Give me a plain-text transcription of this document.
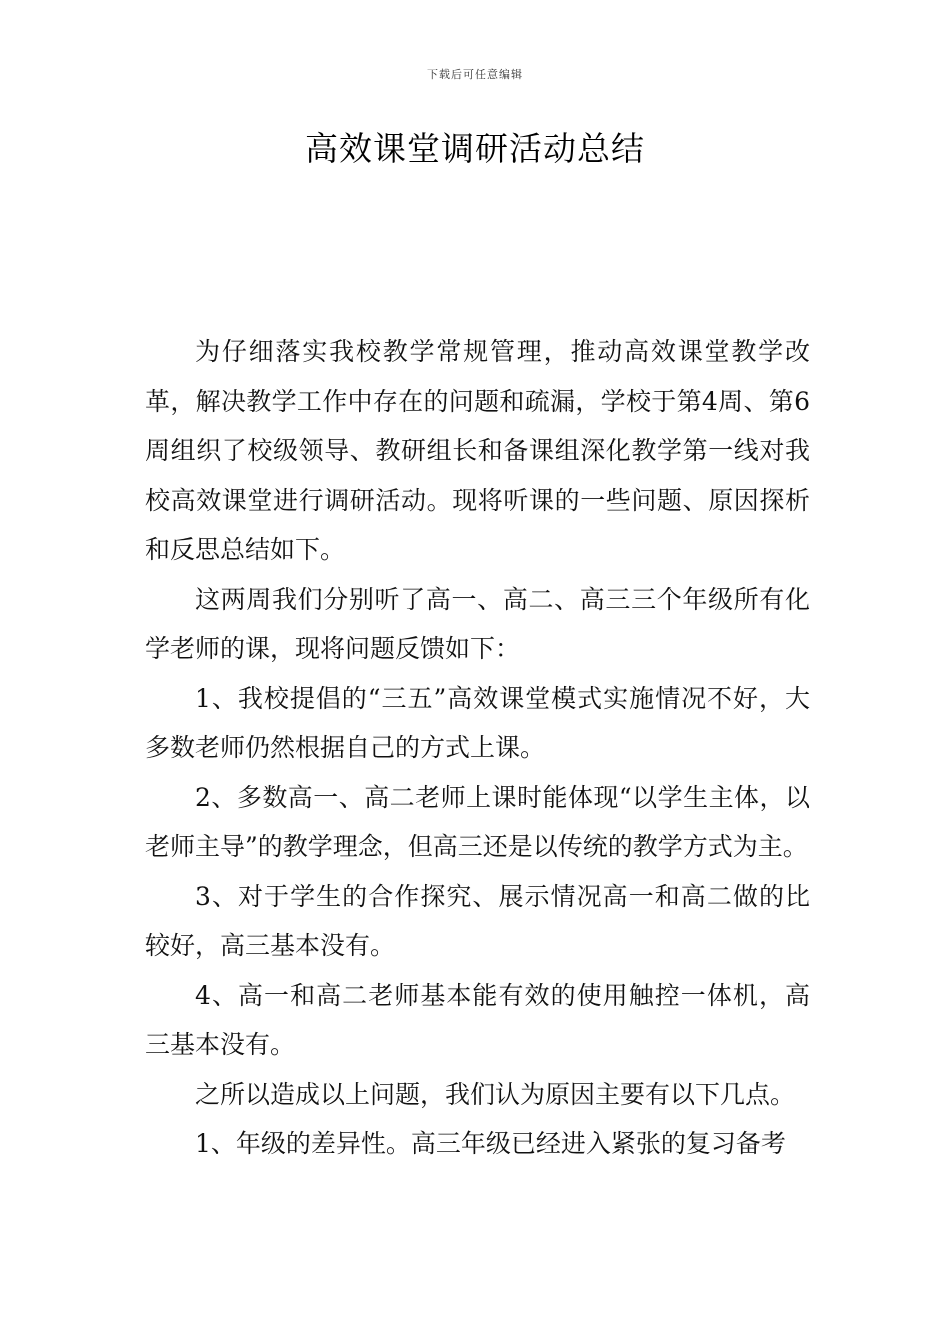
下载后可任意编辑
高效课堂调研活动总结

为仔细落实我校教学常规管理，推动高效课堂教学改革，解决教学工作中存在的问题和疏漏，学校于第4周、第6周组织了校级领导、教研组长和备课组深化教学第一线对我校高效课堂进行调研活动。现将听课的一些问题、原因探析和反思总结如下。

这两周我们分别听了高一、高二、高三三个年级所有化学老师的课，现将问题反馈如下：

1、我校提倡的“三五”高效课堂模式实施情况不好，大多数老师仍然根据自己的方式上课。

2、多数高一、高二老师上课时能体现“以学生主体，以老师主导”的教学理念，但高三还是以传统的教学方式为主。

3、对于学生的合作探究、展示情况高一和高二做的比较好，高三基本没有。

4、高一和高二老师基本能有效的使用触控一体机，高三基本没有。

之所以造成以上问题，我们认为原因主要有以下几点。

1、年级的差异性。高三年级已经进入紧张的复习备考
